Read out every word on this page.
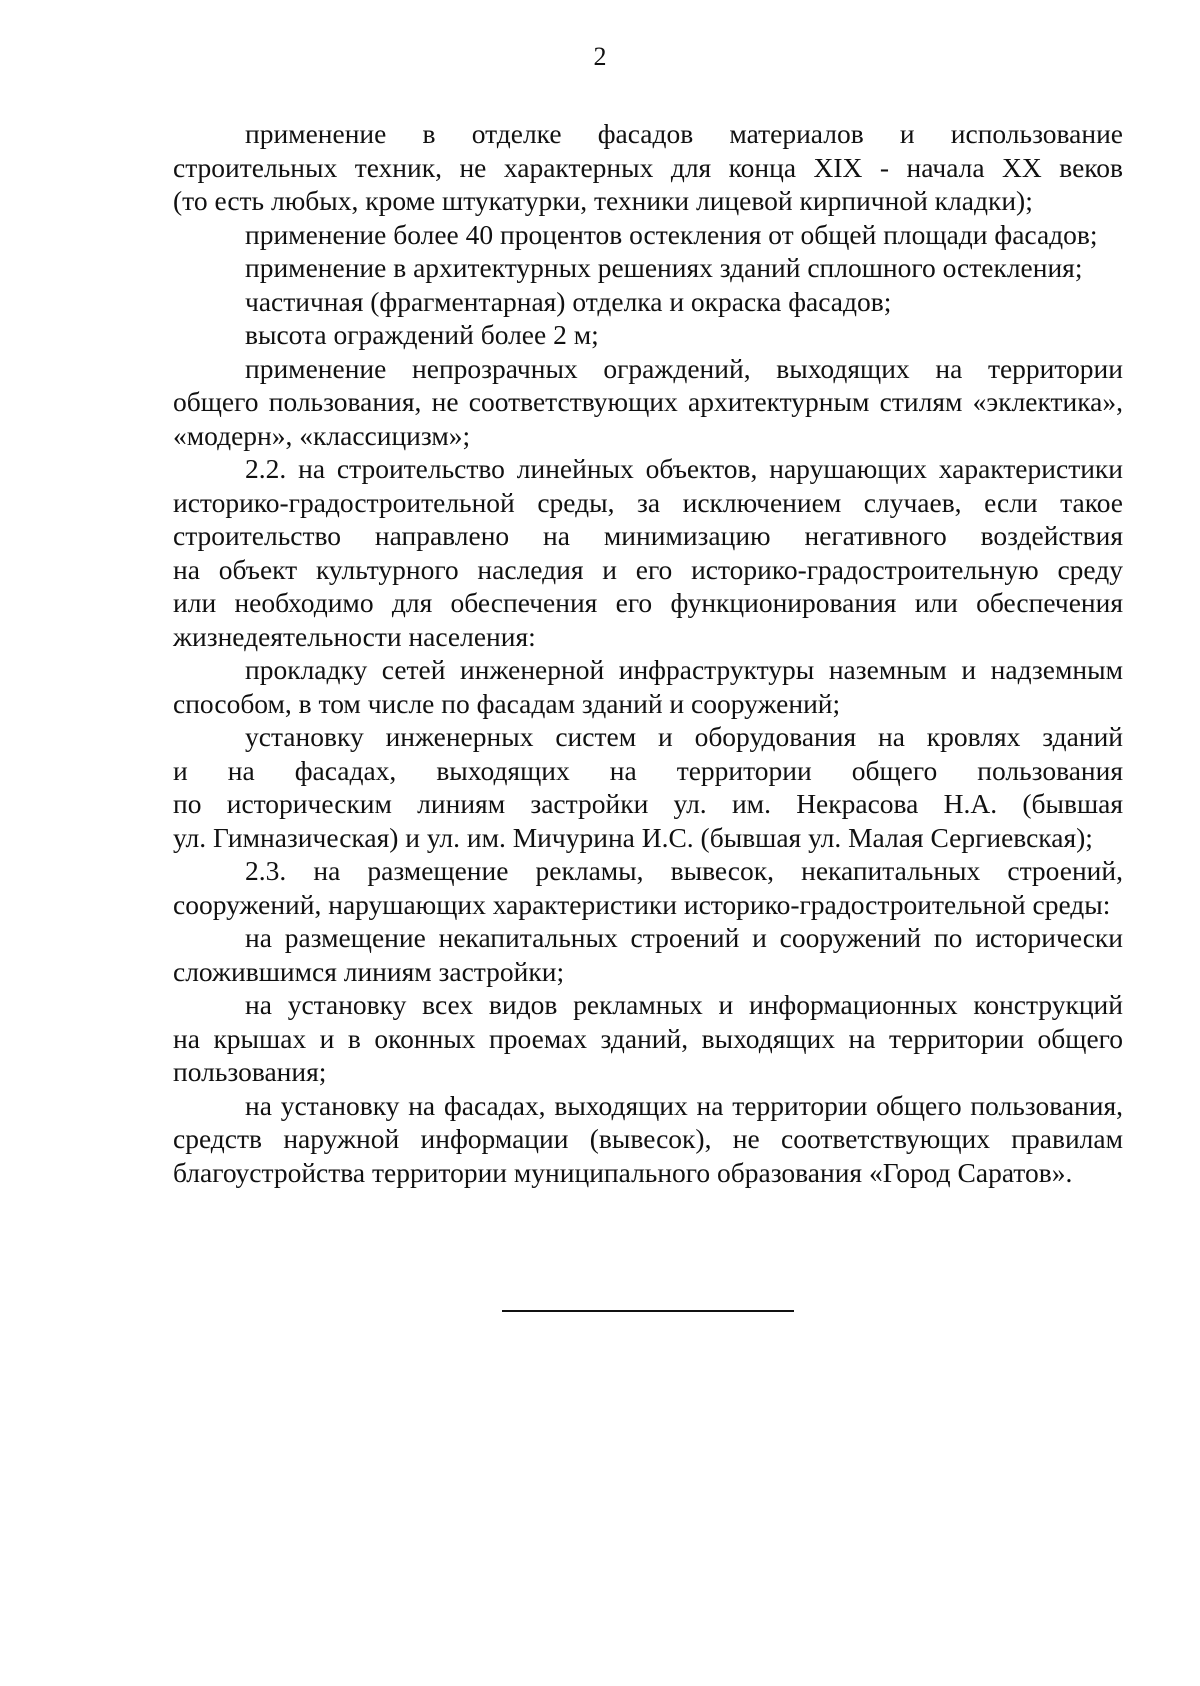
2
применение в отделке фасадов материалов и использование
строительных техник, не характерных для конца XIX - начала XX веков
(то есть любых, кроме штукатурки, техники лицевой кирпичной кладки);
применение более 40 процентов остекления от общей площади фасадов;
применение в архитектурных решениях зданий сплошного остекления;
частичная (фрагментарная) отделка и окраска фасадов;
высота ограждений более 2 м;
применение непрозрачных ограждений, выходящих на территории
общего пользования, не соответствующих архитектурным стилям «эклектика»,
«модерн», «классицизм»;
2.2. на строительство линейных объектов, нарушающих характеристики
историко-градостроительной среды, за исключением случаев, если такое
строительство направлено на минимизацию негативного воздействия
на объект культурного наследия и его историко-градостроительную среду
или необходимо для обеспечения его функционирования или обеспечения
жизнедеятельности населения:
прокладку сетей инженерной инфраструктуры наземным и надземным
способом, в том числе по фасадам зданий и сооружений;
установку инженерных систем и оборудования на кровлях зданий
и на фасадах, выходящих на территории общего пользования
по историческим линиям застройки ул. им. Некрасова Н.А. (бывшая
ул. Гимназическая) и ул. им. Мичурина И.С. (бывшая ул. Малая Сергиевская);
2.3. на размещение рекламы, вывесок, некапитальных строений,
сооружений, нарушающих характеристики историко-градостроительной среды:
на размещение некапитальных строений и сооружений по исторически
сложившимся линиям застройки;
на установку всех видов рекламных и информационных конструкций
на крышах и в оконных проемах зданий, выходящих на территории общего
пользования;
на установку на фасадах, выходящих на территории общего пользования,
средств наружной информации (вывесок), не соответствующих правилам
благоустройства территории муниципального образования «Город Саратов».
